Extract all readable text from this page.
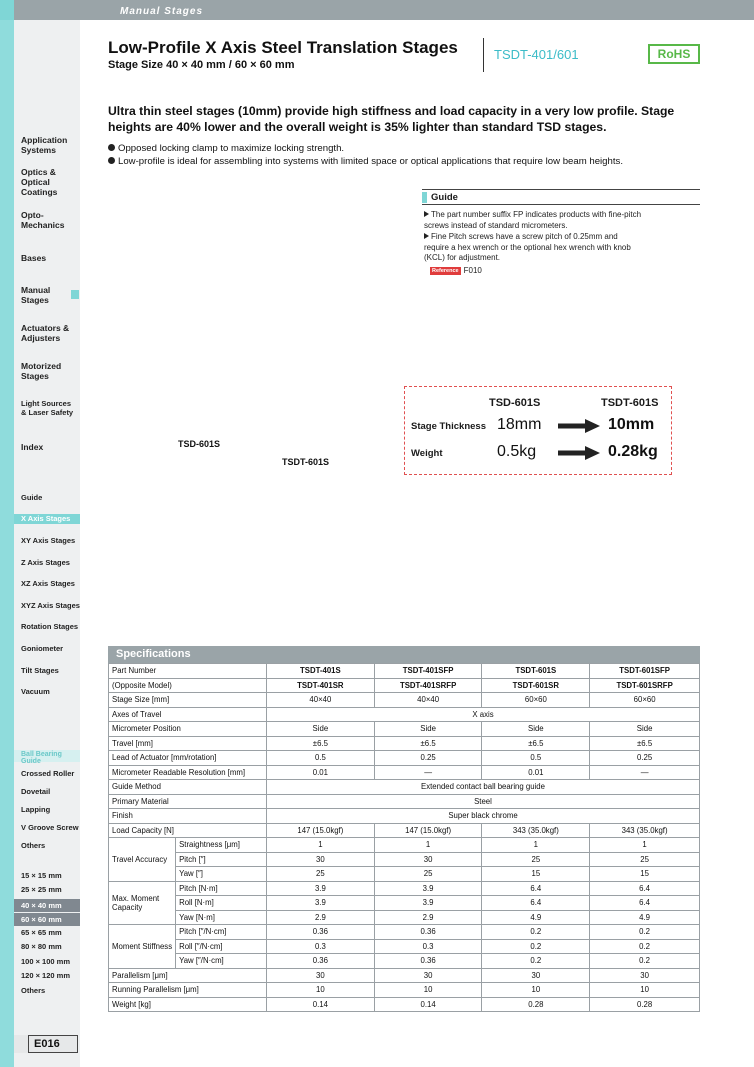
Manual Stages
Application Systems
Optics & Optical Coatings
Opto-Mechanics
Bases
Manual Stages
Actuators & Adjusters
Motorized Stages
Light Sources & Laser Safety
Index
Guide
X Axis Stages
XY Axis Stages
Z Axis Stages
XZ Axis Stages
XYZ Axis Stages
Rotation Stages
Goniometer
Tilt Stages
Vacuum
Ball Bearing Guide
Crossed Roller
Dovetail
Lapping
V Groove Screw
Others
15 × 15 mm
25 × 25 mm
40 × 40 mm
60 × 60 mm
65 × 65 mm
80 × 80 mm
100 × 100 mm
120 × 120 mm
Others
E016
Low-Profile X Axis Steel Translation Stages
Stage Size 40 × 40 mm / 60 × 60 mm
TSDT-401/601	RoHS
Ultra thin steel stages (10mm) provide high stiffness and load capacity in a very low profile. Stage heights are 40% lower and the overall weight is 35% lighter than standard TSD stages.
Opposed locking clamp to maximize locking strength.
Low-profile is ideal for assembling into systems with limited space or optical applications that require low beam heights.
Guide
The part number suffix FP indicates products with fine-pitch screws instead of standard micrometers.
Fine Pitch screws have a screw pitch of 0.25mm and require a hex wrench or the optional hex wrench with knob (KCL) for adjustment.
Reference F010
TSD-601S	TSDT-601S
Stage Thickness 18mm	10mm
Weight	0.5kg	0.28kg
TSD-601S
TSDT-601S
Specifications
Part Number		TSDT-401S	TSDT-401SFP	TSDT-601S	TSDT-601SFP
(Opposite Model)		TSDT-401SR	TSDT-401SRFP	TSDT-601SR	TSDT-601SRFP
Stage Size [mm]		40×40	40×40	60×60	60×60
Axes of Travel		X axis			
Micrometer Position		Side	Side	Side	Side
Travel [mm]		±6.5	±6.5	±6.5	±6.5
Lead of Actuator [mm/rotation]		0.5	0.25	0.5	0.25
Micrometer Readable Resolution [mm]		0.01	—	0.01	—
Guide Method		Extended contact ball bearing guide			
Primary Material		Steel			
Finish		Super black chrome			
Load Capacity [N]		147 (15.0kgf)	147 (15.0kgf)	343 (35.0kgf)	343 (35.0kgf)
Travel Accuracy	Straightness [μm]	1	1	1	1
	Pitch [″]	30	30	25	25
	Yaw [″]	25	25	15	15
Max. Moment Capacity	Pitch [N·m]	3.9	3.9	6.4	6.4
	Roll [N·m]	3.9	3.9	6.4	6.4
	Yaw [N·m]	2.9	2.9	4.9	4.9
Moment Stiffness	Pitch [″/N·cm]	0.36	0.36	0.2	0.2
	Roll [″/N·cm]	0.3	0.3	0.2	0.2
	Yaw [″/N·cm]	0.36	0.36	0.2	0.2
Parallelism [μm]		30	30	30	30
Running Parallelism [μm]		10	10	10	10
Weight [kg]		0.14	0.14	0.28	0.28
